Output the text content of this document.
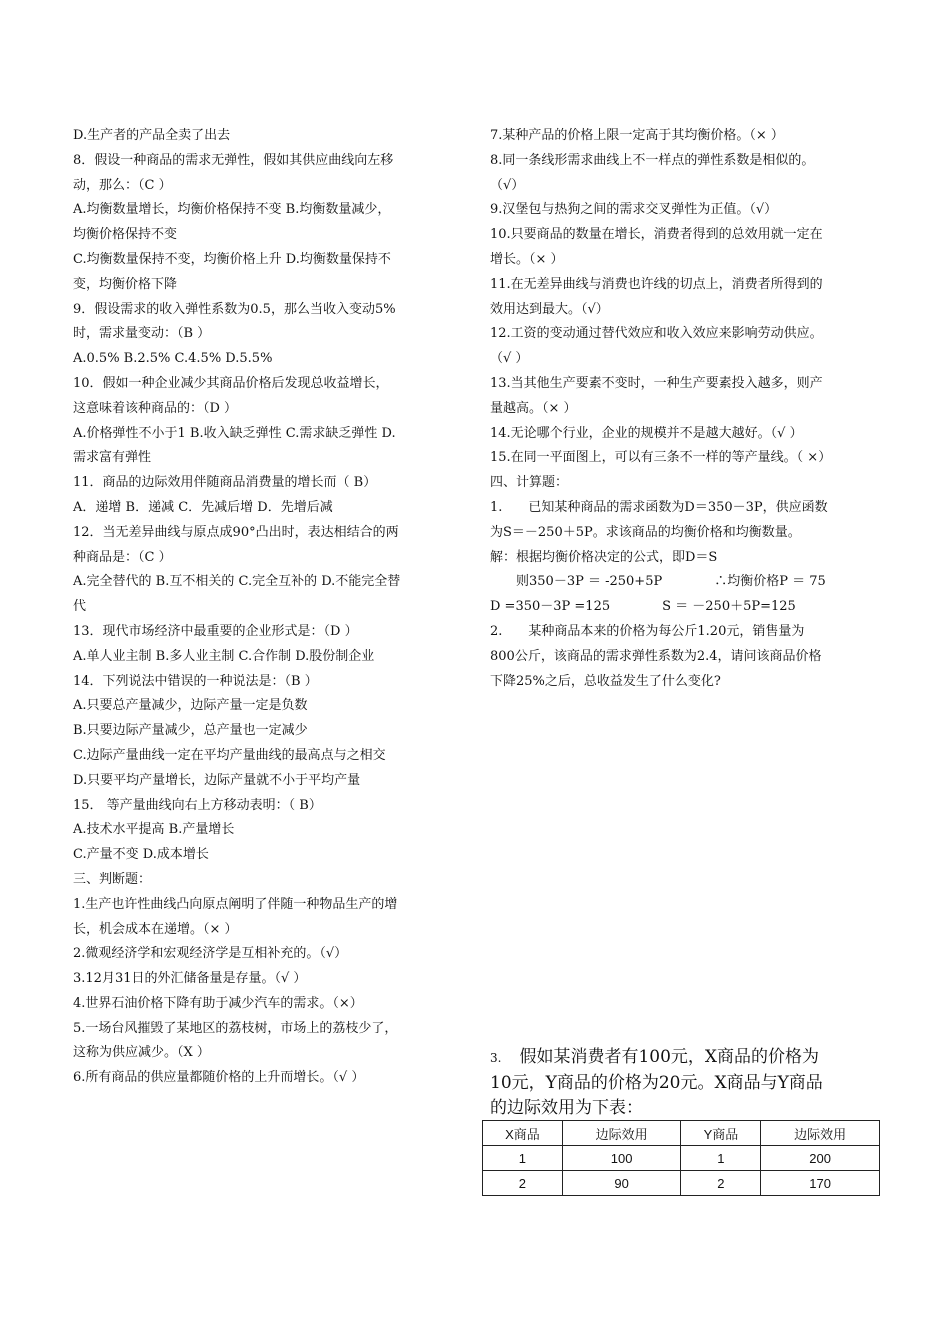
D.生产者的产品全卖了出去

8．假设一种商品的需求无弹性，假如其供应曲线向左移动，那么：（C ）

A.均衡数量增长，均衡价格保持不变 B.均衡数量减少，均衡价格保持不变

C.均衡数量保持不变，均衡价格上升 D.均衡数量保持不变，均衡价格下降

9．假设需求的收入弹性系数为0.5，那么当收入变动5%时，需求量变动：（B ）

A.0.5% B.2.5% C.4.5% D.5.5%

10．假如一种企业减少其商品价格后发现总收益增长，这意味着该种商品的：（D ）

A.价格弹性不小于1 B.收入缺乏弹性 C.需求缺乏弹性 D.需求富有弹性

11．商品的边际效用伴随商品消费量的增长而（ B）

A．递增 B．递减 C．先减后增 D．先增后减

12．当无差异曲线与原点成90°凸出时，表达相结合的两种商品是：（C ）

A.完全替代的 B.互不相关的 C.完全互补的 D.不能完全替代

13．现代市场经济中最重要的企业形式是：（D ）

A.单人业主制 B.多人业主制 C.合作制 D.股份制企业

14．下列说法中错误的一种说法是：（B ）

A.只要总产量减少，边际产量一定是负数

B.只要边际产量减少，总产量也一定减少

C.边际产量曲线一定在平均产量曲线的最高点与之相交

D.只要平均产量增长，边际产量就不小于平均产量

15． 等产量曲线向右上方移动表明：（ B）

A.技术水平提高 B.产量增长

C.产量不变 D.成本增长

三、判断题：

1.生产也许性曲线凸向原点阐明了伴随一种物品生产的增长，机会成本在递增。（× ）

2.微观经济学和宏观经济学是互相补充的。（√）

3.12月31日的外汇储备量是存量。（√ ）

4.世界石油价格下降有助于减少汽车的需求。（×）

5.一场台风摧毁了某地区的荔枝树，市场上的荔枝少了，这称为供应减少。（X ）

6.所有商品的供应量都随价格的上升而增长。（√ ）

7.某种产品的价格上限一定高于其均衡价格。（× ）

8.同一条线形需求曲线上不一样点的弹性系数是相似的。（√）

9.汉堡包与热狗之间的需求交叉弹性为正值。（√）

10.只要商品的数量在增长，消费者得到的总效用就一定在增长。（× ）

11.在无差异曲线与消费也许线的切点上，消费者所得到的效用达到最大。（√）

12.工资的变动通过替代效应和收入效应来影响劳动供应。（√ ）

13.当其他生产要素不变时，一种生产要素投入越多，则产量越高。（× ）

14.无论哪个行业，企业的规模并不是越大越好。（√ ）

15.在同一平面图上，可以有三条不一样的等产量线。（ ×）

四、计算题：

1.　　已知某种商品的需求函数为D＝350－3P，供应函数为S＝－250＋5P。求该商品的均衡价格和均衡数量。

解：根据均衡价格决定的公式，即D＝S

　　则350－3P ＝ -250+5P　　　　∴均衡价格P ＝ 75

D =350－3P =125　　　　S ＝ －250＋5P=125

2.　　某种商品本来的价格为每公斤1.20元，销售量为800公斤，该商品的需求弹性系数为2.4，请问该商品价格下降25%之后，总收益发生了什么变化?

3. 假如某消费者有100元，X商品的价格为10元，Y商品的价格为20元。X商品与Y商品的边际效用为下表：

X商品	边际效用	Y商品	边际效用
1	100	1	200
2	90	2	170
